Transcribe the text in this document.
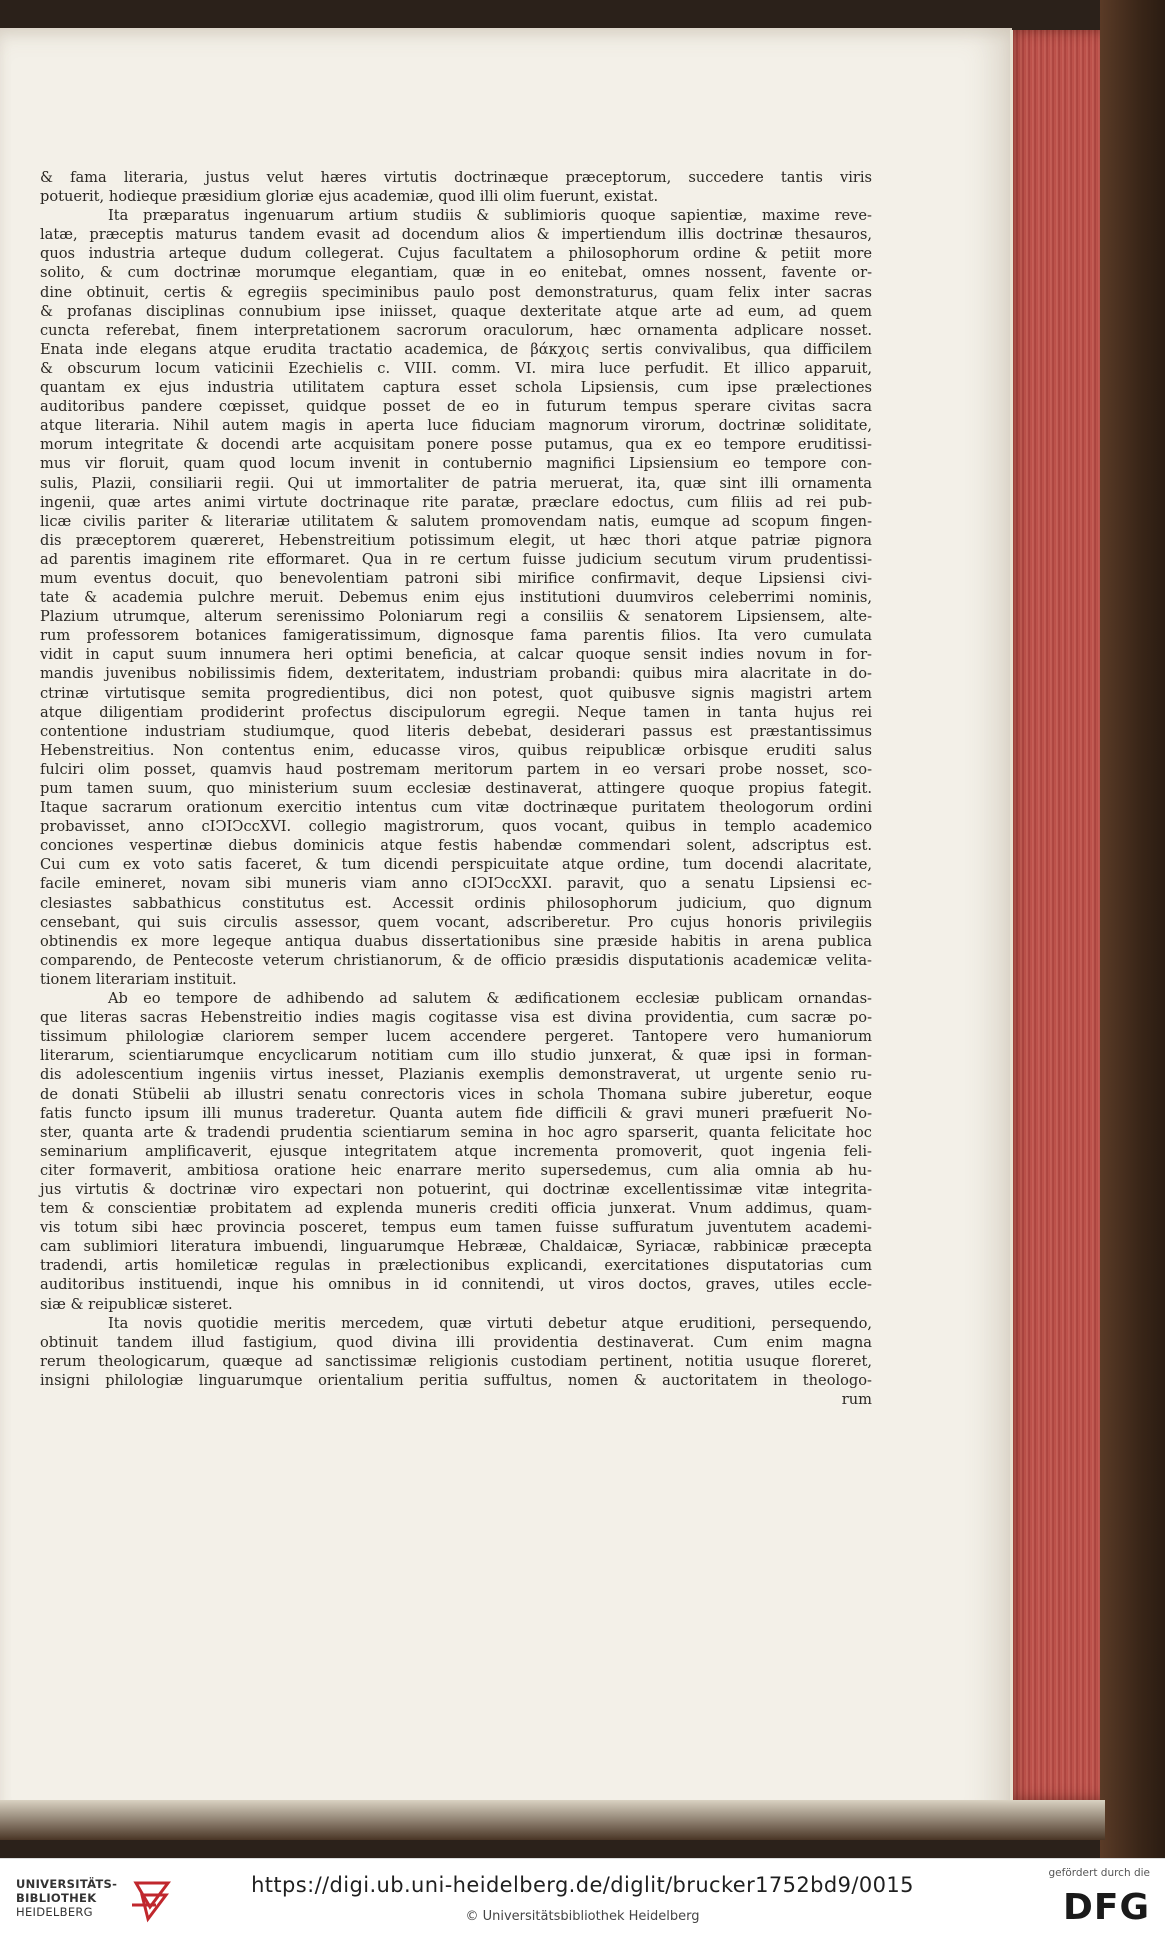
& fama literaria, justus velut hæres virtutis doctrinæque præceptorum, succedere tantis viris

potuerit, hodieque præsidium gloriæ ejus academiæ, quod illi olim fuerunt, existat.

Ita præparatus ingenuarum artium studiis & sublimioris quoque sapientiæ, maxime reve-

latæ, præceptis maturus tandem evasit ad docendum alios & impertiendum illis doctrinæ thesauros,

quos industria arteque dudum collegerat. Cujus facultatem a philosophorum ordine & petiit more

solito, & cum doctrinæ morumque elegantiam, quæ in eo enitebat, omnes nossent, favente or-

dine obtinuit, certis & egregiis speciminibus paulo post demonstraturus, quam felix inter sacras

& profanas disciplinas connubium ipse iniisset, quaque dexteritate atque arte ad eum, ad quem

cuncta referebat, finem interpretationem sacrorum oraculorum, hæc ornamenta adplicare nosset.

Enata inde elegans atque erudita tractatio academica, de βάκχοις sertis convivalibus, qua difficilem

& obscurum locum vaticinii Ezechielis c. VIII. comm. VI. mira luce perfudit. Et illico apparuit,

quantam ex ejus industria utilitatem captura esset schola Lipsiensis, cum ipse prælectiones

auditoribus pandere cœpisset, quidque posset de eo in futurum tempus sperare civitas sacra

atque literaria. Nihil autem magis in aperta luce fiduciam magnorum virorum, doctrinæ soliditate,

morum integritate & docendi arte acquisitam ponere posse putamus, qua ex eo tempore eruditissi-

mus vir floruit, quam quod locum invenit in contubernio magnifici Lipsiensium eo tempore con-

sulis, Plazii, consiliarii regii. Qui ut immortaliter de patria meruerat, ita, quæ sint illi ornamenta

ingenii, quæ artes animi virtute doctrinaque rite paratæ, præclare edoctus, cum filiis ad rei pub-

licæ civilis pariter & literariæ utilitatem & salutem promovendam natis, eumque ad scopum fingen-

dis præceptorem quæreret, Hebenstreitium potissimum elegit, ut hæc thori atque patriæ pignora

ad parentis imaginem rite efformaret. Qua in re certum fuisse judicium secutum virum prudentissi-

mum eventus docuit, quo benevolentiam patroni sibi mirifice confirmavit, deque Lipsiensi civi-

tate & academia pulchre meruit. Debemus enim ejus institutioni duumviros celeberrimi nominis,

Plazium utrumque, alterum serenissimo Poloniarum regi a consiliis & senatorem Lipsiensem, alte-

rum professorem botanices famigeratissimum, dignosque fama parentis filios. Ita vero cumulata

vidit in caput suum innumera heri optimi beneficia, at calcar quoque sensit indies novum in for-

mandis juvenibus nobilissimis fidem, dexteritatem, industriam probandi: quibus mira alacritate in do-

ctrinæ virtutisque semita progredientibus, dici non potest, quot quibusve signis magistri artem

atque diligentiam prodiderint profectus discipulorum egregii. Neque tamen in tanta hujus rei

contentione industriam studiumque, quod literis debebat, desiderari passus est præstantissimus

Hebenstreitius. Non contentus enim, educasse viros, quibus reipublicæ orbisque eruditi salus

fulciri olim posset, quamvis haud postremam meritorum partem in eo versari probe nosset, sco-

pum tamen suum, quo ministerium suum ecclesiæ destinaverat, attingere quoque propius fategit.

Itaque sacrarum orationum exercitio intentus cum vitæ doctrinæque puritatem theologorum ordini

probavisset, anno cIↃIↃccXVI. collegio magistrorum, quos vocant, quibus in templo academico

conciones vespertinæ diebus dominicis atque festis habendæ commendari solent, adscriptus est.

Cui cum ex voto satis faceret, & tum dicendi perspicuitate atque ordine, tum docendi alacritate,

facile emineret, novam sibi muneris viam anno cIↃIↃccXXI. paravit, quo a senatu Lipsiensi ec-

clesiastes sabbathicus constitutus est. Accessit ordinis philosophorum judicium, quo dignum

censebant, qui suis circulis assessor, quem vocant, adscriberetur. Pro cujus honoris privilegiis

obtinendis ex more legeque antiqua duabus dissertationibus sine præside habitis in arena publica

comparendo, de Pentecoste veterum christianorum, & de officio præsidis disputationis academicæ velita-

tionem literariam instituit.

Ab eo tempore de adhibendo ad salutem & ædificationem ecclesiæ publicam ornandas-

que literas sacras Hebenstreitio indies magis cogitasse visa est divina providentia, cum sacræ po-

tissimum philologiæ clariorem semper lucem accendere pergeret. Tantopere vero humaniorum

literarum, scientiarumque encyclicarum notitiam cum illo studio junxerat, & quæ ipsi in forman-

dis adolescentium ingeniis virtus inesset, Plazianis exemplis demonstraverat, ut urgente senio ru-

de donati Stübelii ab illustri senatu conrectoris vices in schola Thomana subire juberetur, eoque

fatis functo ipsum illi munus traderetur. Quanta autem fide difficili & gravi muneri præfuerit No-

ster, quanta arte & tradendi prudentia scientiarum semina in hoc agro sparserit, quanta felicitate hoc

seminarium amplificaverit, ejusque integritatem atque incrementa promoverit, quot ingenia feli-

citer formaverit, ambitiosa oratione heic enarrare merito supersedemus, cum alia omnia ab hu-

jus virtutis & doctrinæ viro expectari non potuerint, qui doctrinæ excellentissimæ vitæ integrita-

tem & conscientiæ probitatem ad explenda muneris crediti officia junxerat. Vnum addimus, quam-

vis totum sibi hæc provincia posceret, tempus eum tamen fuisse suffuratum juventutem academi-

cam sublimiori literatura imbuendi, linguarumque Hebrææ, Chaldaicæ, Syriacæ, rabbinicæ præcepta

tradendi, artis homileticæ regulas in prælectionibus explicandi, exercitationes disputatorias cum

auditoribus instituendi, inque his omnibus in id connitendi, ut viros doctos, graves, utiles eccle-

siæ & reipublicæ sisteret.

Ita novis quotidie meritis mercedem, quæ virtuti debetur atque eruditioni, persequendo,

obtinuit tandem illud fastigium, quod divina illi providentia destinaverat. Cum enim magna

rerum theologicarum, quæque ad sanctissimæ religionis custodiam pertinent, notitia usuque floreret,

insigni philologiæ linguarumque orientalium peritia suffultus, nomen & auctoritatem in theologo-

rum

UNIVERSITÄTS-
BIBLIOTHEK
HEIDELBERG
https://digi.ub.uni-heidelberg.de/diglit/brucker1752bd9/0015
© Universitätsbibliothek Heidelberg
gefördert durch die
DFG
